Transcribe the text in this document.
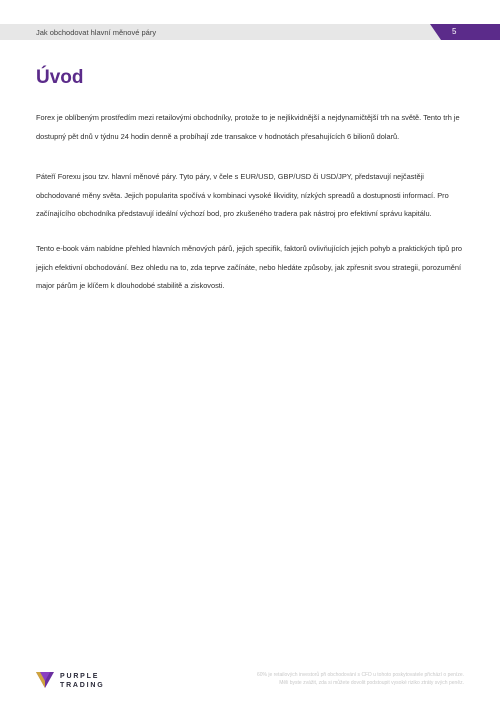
Jak obchodovat hlavní měnové páry	5
Úvod

Forex je oblíbeným prostředím mezi retailovými obchodníky, protože to je nejlikvidnější a nejdynamičtější trh na světě. Tento trh je dostupný pět dnů v týdnu 24 hodin denně a probíhají zde transakce v hodnotách přesahujících 6 bilionů dolarů.

Páteří Forexu jsou tzv. hlavní měnové páry. Tyto páry, v čele s EUR/USD, GBP/USD či USD/JPY, představují nejčastěji obchodované měny světa. Jejich popularita spočívá v kombinaci vysoké likvidity, nízkých spreadů a dostupnosti informací. Pro začínajícího obchodníka představují ideální výchozí bod, pro zkušeného tradera pak nástroj pro efektivní správu kapitálu.

Tento e-book vám nabídne přehled hlavních měnových párů, jejich specifik, faktorů ovlivňujících jejich pohyb a praktických tipů pro jejich efektivní obchodování. Bez ohledu na to, zda teprve začínáte, nebo hledáte způsoby, jak zpřesnit svou strategii, porozumění major párům je klíčem k dlouhodobé stabilitě a ziskovosti.

PURPLE
TRADING

60% je retailových investorů při obchodování s CFD u tohoto poskytovatele přichází o peníze.
Měli byste zvážit, zda si můžete dovolit podstoupit vysoké riziko ztráty svých peněz.
